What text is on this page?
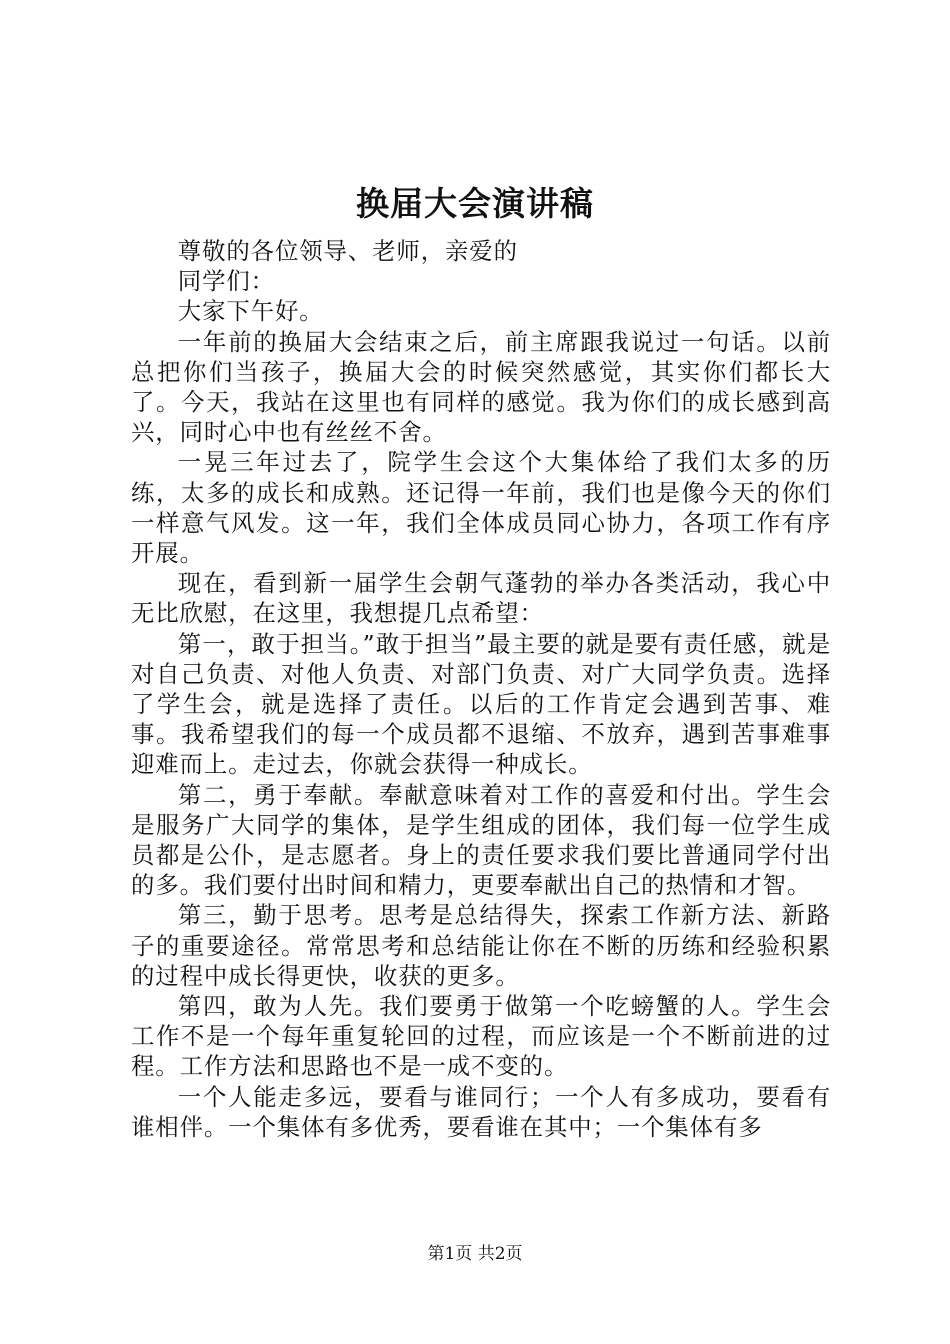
换届大会演讲稿

尊敬的各位领导、老师，亲爱的

同学们：

大家下午好。

一年前的换届大会结束之后，前主席跟我说过一句话。以前总把你们当孩子，换届大会的时候突然感觉，其实你们都长大了。今天，我站在这里也有同样的感觉。我为你们的成长感到高兴，同时心中也有丝丝不舍。

一晃三年过去了，院学生会这个大集体给了我们太多的历练，太多的成长和成熟。还记得一年前，我们也是像今天的你们一样意气风发。这一年，我们全体成员同心协力，各项工作有序开展。

现在，看到新一届学生会朝气蓬勃的举办各类活动，我心中无比欣慰，在这里，我想提几点希望：

第一，敢于担当。”敢于担当”最主要的就是要有责任感，就是对自己负责、对他人负责、对部门负责、对广大同学负责。选择了学生会，就是选择了责任。以后的工作肯定会遇到苦事、难事。我希望我们的每一个成员都不退缩、不放弃，遇到苦事难事迎难而上。走过去，你就会获得一种成长。

第二，勇于奉献。奉献意味着对工作的喜爱和付出。学生会是服务广大同学的集体，是学生组成的团体，我们每一位学生成员都是公仆，是志愿者。身上的责任要求我们要比普通同学付出的多。我们要付出时间和精力，更要奉献出自己的热情和才智。

第三，勤于思考。思考是总结得失，探索工作新方法、新路子的重要途径。常常思考和总结能让你在不断的历练和经验积累的过程中成长得更快，收获的更多。

第四，敢为人先。我们要勇于做第一个吃螃蟹的人。学生会工作不是一个每年重复轮回的过程，而应该是一个不断前进的过程。工作方法和思路也不是一成不变的。

一个人能走多远，要看与谁同行；一个人有多成功，要看有谁相伴。一个集体有多优秀，要看谁在其中；一个集体有多

第1页 共2页
